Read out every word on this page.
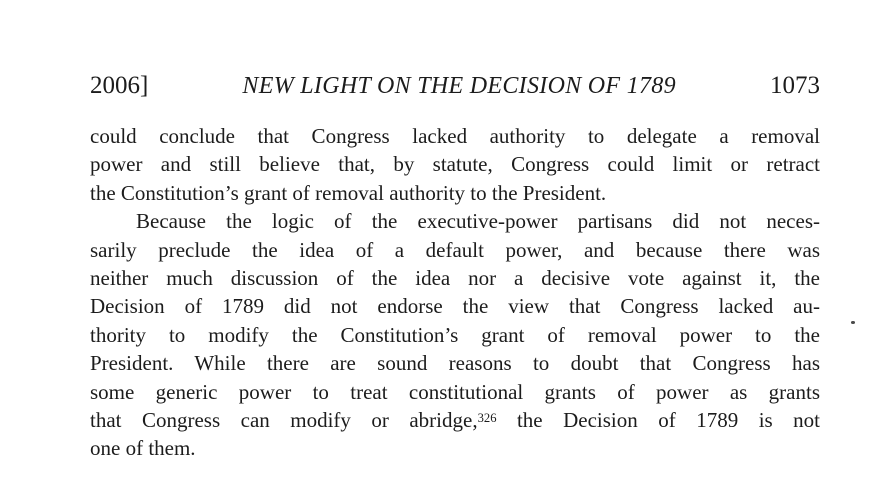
2006]	NEW LIGHT ON THE DECISION OF 1789	1073
could conclude that Congress lacked authority to delegate a removal
power and still believe that, by statute, Congress could limit or retract
the Constitution’s grant of removal authority to the President.
Because the logic of the executive-power partisans did not neces-
sarily preclude the idea of a default power, and because there was
neither much discussion of the idea nor a decisive vote against it, the
Decision of 1789 did not endorse the view that Congress lacked au-
thority to modify the Constitution’s grant of removal power to the
President. While there are sound reasons to doubt that Congress has
some generic power to treat constitutional grants of power as grants
that Congress can modify or abridge,$^{326}$ the Decision of 1789 is not
one of them.
